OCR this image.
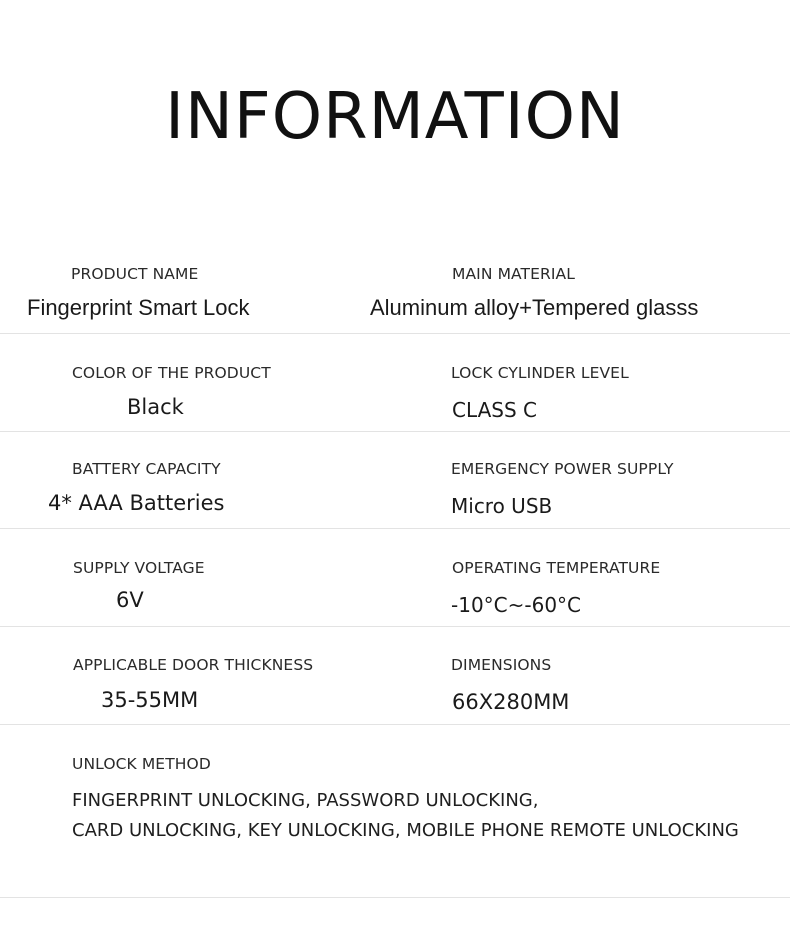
INFORMATION
PRODUCT NAME
Fingerprint Smart Lock
MAIN MATERIAL
Aluminum alloy+Tempered glasss
COLOR OF THE PRODUCT
Black
LOCK CYLINDER LEVEL
CLASS C
BATTERY CAPACITY
4* AAA Batteries
EMERGENCY POWER SUPPLY
Micro USB
SUPPLY VOLTAGE
6V
OPERATING TEMPERATURE
-10°C~-60°C
APPLICABLE DOOR THICKNESS
35-55MM
DIMENSIONS
66X280MM
UNLOCK METHOD
FINGERPRINT UNLOCKING, PASSWORD UNLOCKING,
CARD UNLOCKING, KEY UNLOCKING, MOBILE PHONE REMOTE UNLOCKING
